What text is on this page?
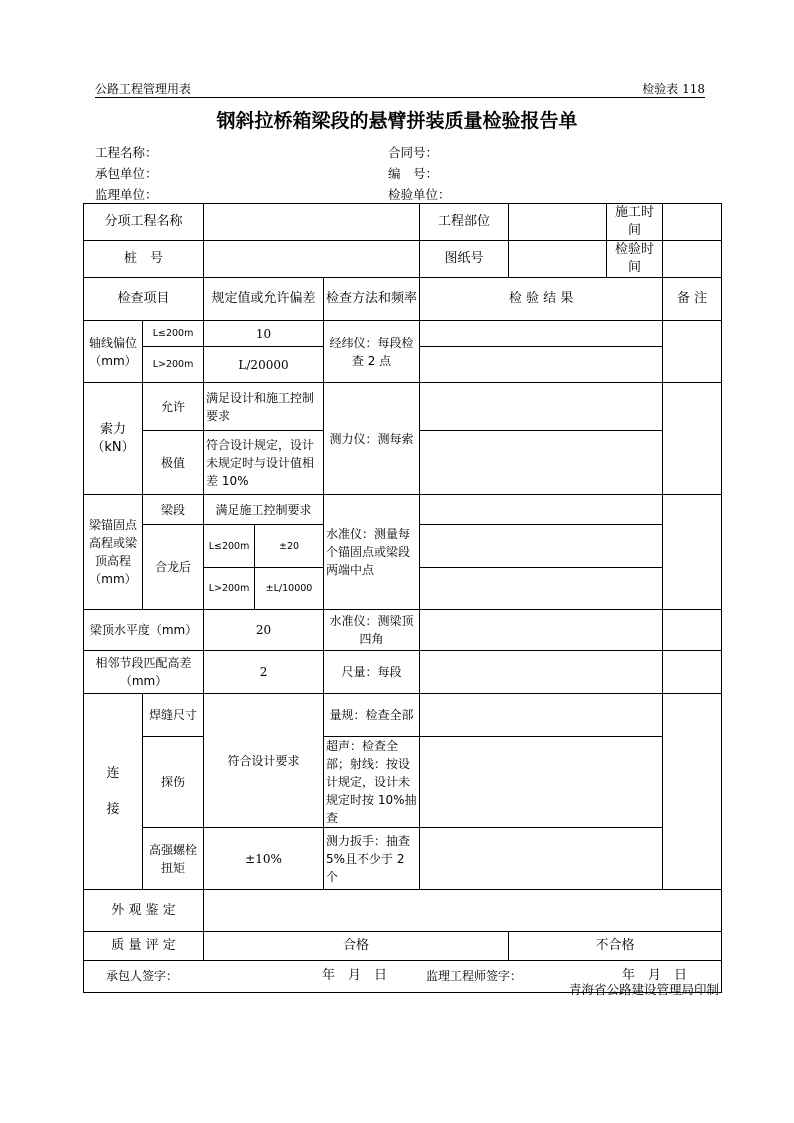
公路工程管理用表	检验表 118
钢斜拉桥箱梁段的悬臂拼装质量检验报告单
工程名称：	合同号：
承包单位：	编　号：
监理单位：	检验单位：
分项工程名称					工程部位		施工时间	
桩　号					图纸号		检验时间	
检查项目		规定值或允许偏差		检查方法和频率	检 验 结 果			备 注
轴线偏位（mm）	L≤200m	10		经纬仪：每段检查 2 点				
	L>200m	L/20000						
索力（kN）	允许	满足设计和施工控制要求		测力仪：测每索				
	极值	符合设计规定，设计未规定时与设计值相差 10%						
梁锚固点高程或梁顶高程（mm）	梁段	满足施工控制要求		水准仪：测量每个锚固点或梁段两端中点				
	合龙后	L≤200m	±20					
		L>200m	±L/10000					
梁顶水平度（mm）		20		水准仪：测梁顶四角				
相邻节段匹配高差（mm）		2		尺量：每段				

连
接	焊缝尺寸	符合设计要求		量规：检查全部				
	探伤			超声：检查全部；射线：按设计规定，设计未规定时按 10%抽查				
	高强螺栓扭矩	±10%		测力扳手：抽查 5%且不少于 2 个				
外 观 鉴 定								
质 量 评 定		合格				不合格		

承包人签字： 年　月　日 监理工程师签字： 年　月　日								
青海省公路建设管理局印制
